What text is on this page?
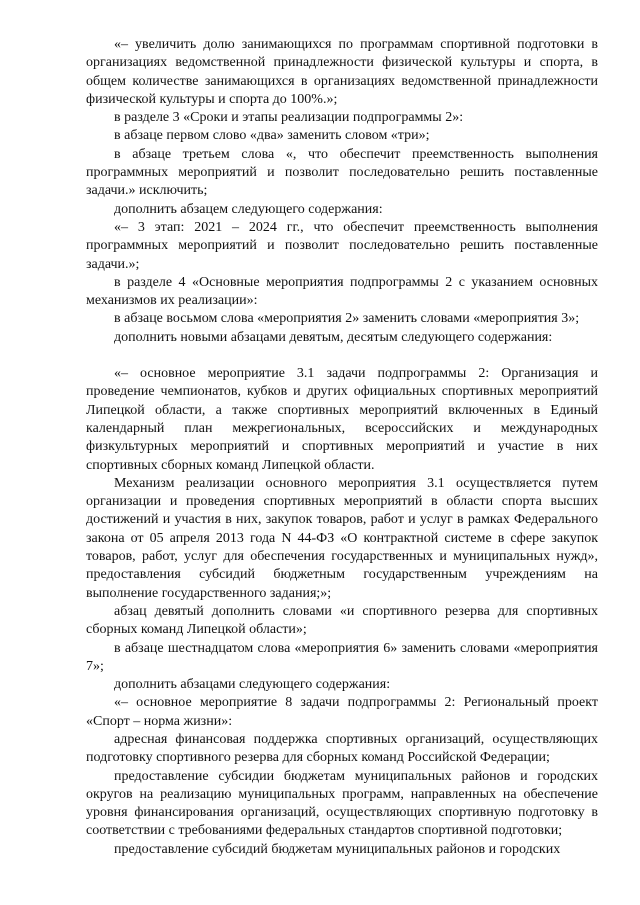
«– увеличить долю занимающихся по программам спортивной подготовки в организациях ведомственной принадлежности физической культуры и спорта, в общем количестве занимающихся в организациях ведомственной принадлежности физической культуры и спорта до 100%.»;

в разделе 3 «Сроки и этапы реализации подпрограммы 2»:

в абзаце первом слово «два» заменить словом «три»;

в абзаце третьем слова «, что обеспечит преемственность выполнения программных мероприятий и позволит последовательно решить поставленные задачи.» исключить;

дополнить абзацем следующего содержания:

«– 3 этап: 2021 – 2024 гг., что обеспечит преемственность выполнения программных мероприятий и позволит последовательно решить поставленные задачи.»;

в разделе 4 «Основные мероприятия подпрограммы 2 с указанием основных механизмов их реализации»:

в абзаце восьмом слова «мероприятия 2» заменить словами «мероприятия 3»;

дополнить новыми абзацами девятым, десятым следующего содержания:

«– основное мероприятие 3.1 задачи подпрограммы 2: Организация и проведение чемпионатов, кубков и других официальных спортивных мероприятий Липецкой области, а также спортивных мероприятий включенных в Единый календарный план межрегиональных, всероссийских и международных физкультурных мероприятий и спортивных мероприятий и участие в них спортивных сборных команд Липецкой области.

Механизм реализации основного мероприятия 3.1 осуществляется путем организации и проведения спортивных мероприятий в области спорта высших достижений и участия в них, закупок товаров, работ и услуг в рамках Федерального закона от 05 апреля 2013 года N 44-ФЗ «О контрактной системе в сфере закупок товаров, работ, услуг для обеспечения государственных и муниципальных нужд», предоставления субсидий бюджетным государственным учреждениям на выполнение государственного задания;»;

абзац девятый дополнить словами «и спортивного резерва для спортивных сборных команд Липецкой области»;

в абзаце шестнадцатом слова «мероприятия 6» заменить словами «мероприятия 7»;

дополнить абзацами следующего содержания:

«– основное мероприятие 8 задачи подпрограммы 2: Региональный проект «Спорт – норма жизни»:

адресная финансовая поддержка спортивных организаций, осуществляющих подготовку спортивного резерва для сборных команд Российской Федерации;

предоставление субсидии бюджетам муниципальных районов и городских округов на реализацию муниципальных программ, направленных на обеспечение уровня финансирования организаций, осуществляющих спортивную подготовку в соответствии с требованиями федеральных стандартов спортивной подготовки;

предоставление субсидий бюджетам муниципальных районов и городских
